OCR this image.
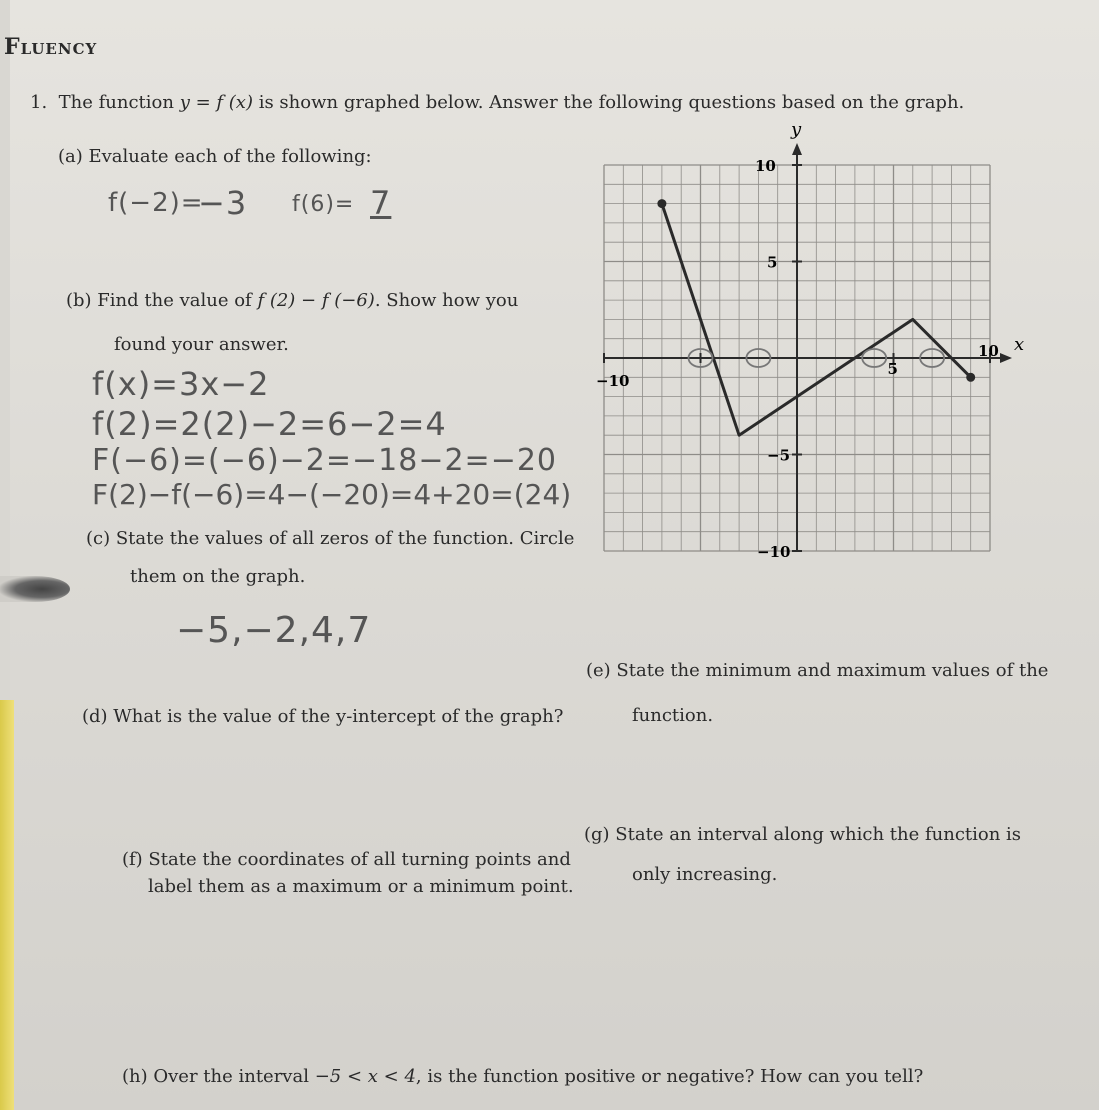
Fluency
1. The function y = f (x) is shown graphed below. Answer the following questions based on the graph.
(a) Evaluate each of the following:
f(−2)=
−3 f(6)= 7
(b) Find the value of f (2) − f (−6). Show how you
found your answer.
f(x)=3x−2
f(2)=2(2)−2=6−2=4
F(−6)=(−6)−2=−18−2=−20
F(2)−f(−6)=4−(−20)=4+20=(24)
(c) State the values of all zeros of the function. Circle
them on the graph.
−5,−2,4,7
(d) What is the value of the y-intercept of the graph?
(e) State the minimum and maximum values of the
function.
(f) State the coordinates of all turning points and
label them as a maximum or a minimum point.
(g) State an interval along which the function is
only increasing.
(h) Over the interval −5 < x < 4, is the function positive or negative? How can you tell?
x
y
−10
5
10
10
5
−5
−10
